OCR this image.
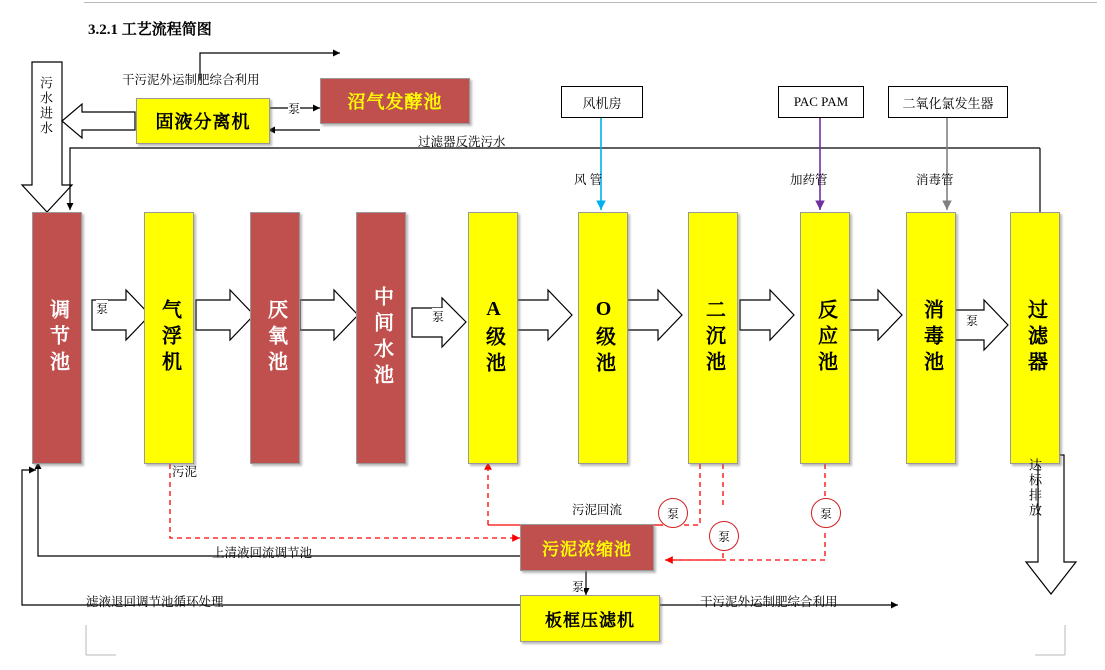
3.2.1 工艺流程简图
调节池	气浮机	厌氧池	中间水池	A级池	O级池	二沉池	反应池	消毒池	过滤器
固液分离机
沼气发酵池
污泥浓缩池
板框压滤机
风机房	PAC PAM	二氧化氯发生器
污水进水	干污泥外运制肥综合利用
过滤器反洗污水
风 管	加药管	消毒管
污泥
污泥回流
上清液回流调节池
滤液退回调节池循环处理	干污泥外运制肥综合利用
达标排放
泵
泵
泵
泵
泵
泵
泵
泵
